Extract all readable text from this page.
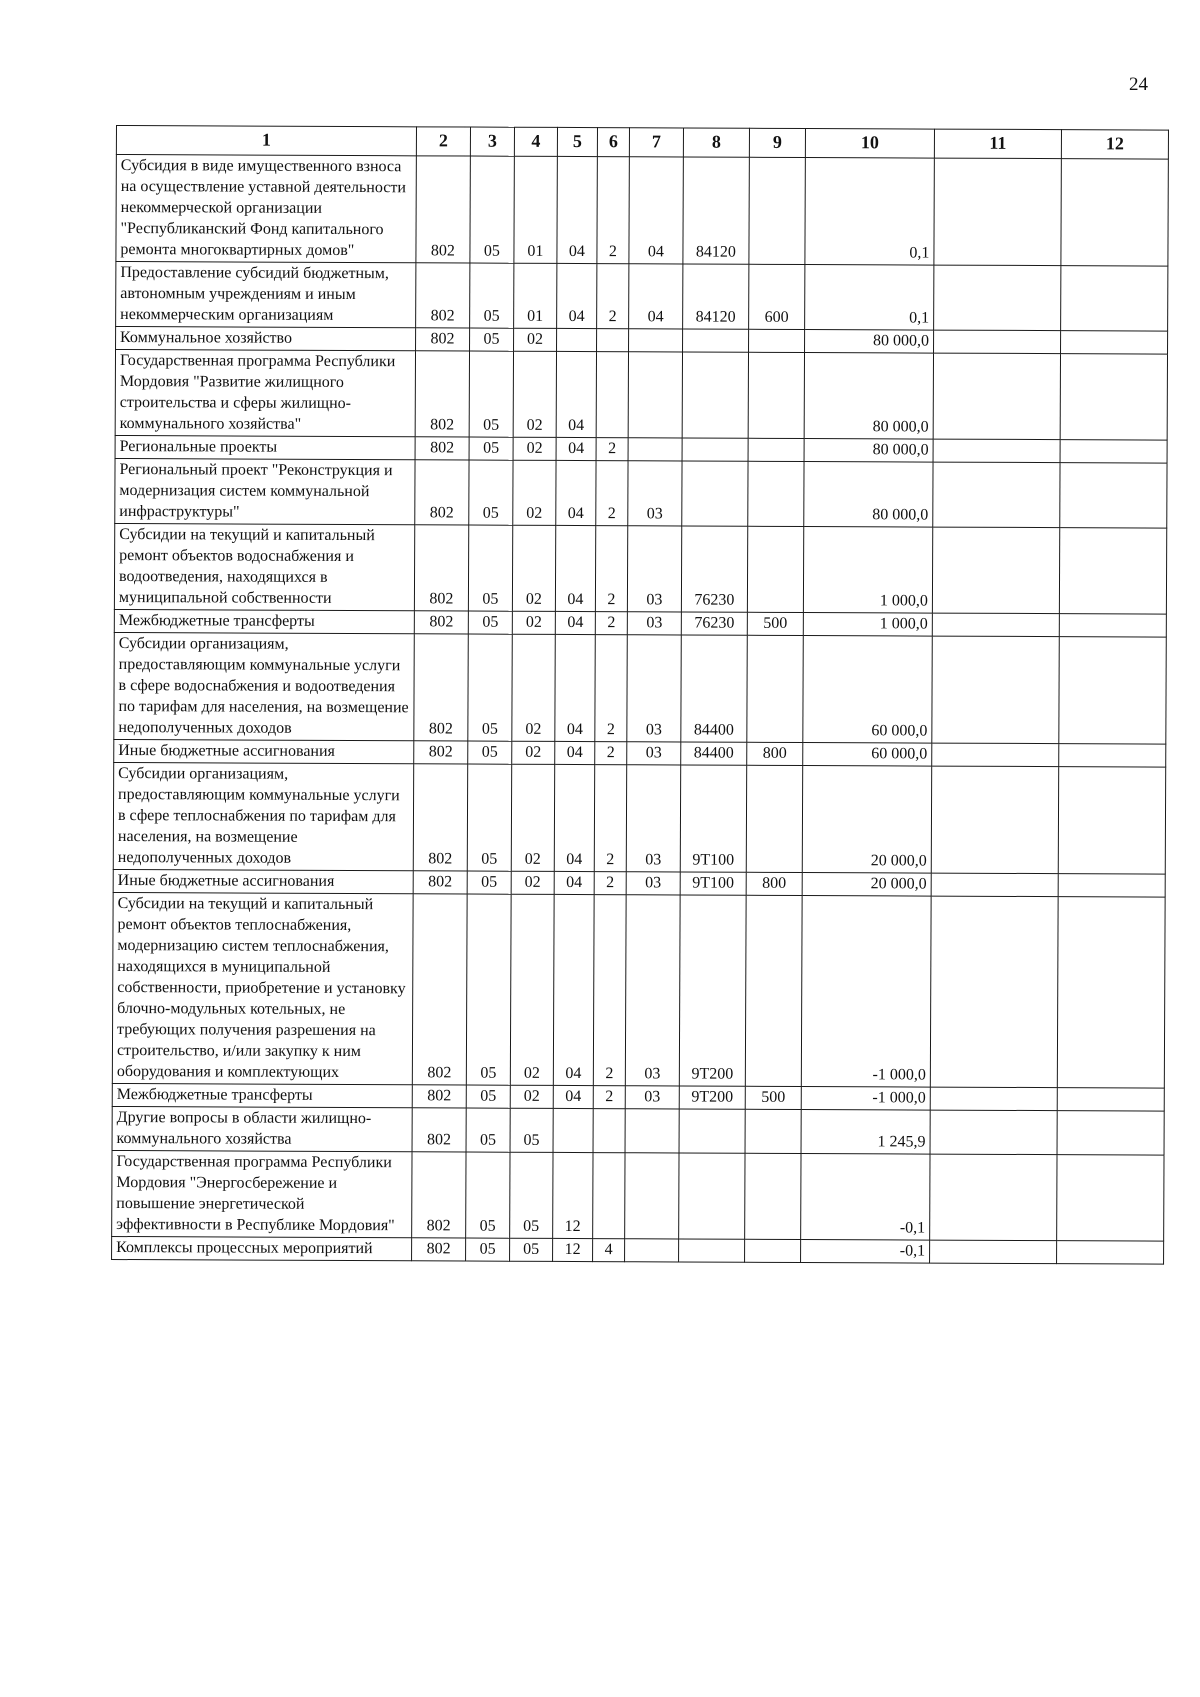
24
1	2	3	4	5	6	7	8	9	10	11	12
Субсидия в виде имущественного взноса на осуществление уставной деятельности некоммерческой организации "Республиканский Фонд капитального ремонта многоквартирных домов"	802	05	01	04	2	04	84120		0,1		
Предоставление субсидий бюджетным, автономным учреждениям и иным некоммерческим организациям	802	05	01	04	2	04	84120	600	0,1		
Коммунальное хозяйство	802	05	02						80 000,0		
Государственная программа Республики Мордовия "Развитие жилищного строительства и сферы жилищно-коммунального хозяйства"	802	05	02	04					80 000,0		
Региональные проекты	802	05	02	04	2				80 000,0		
Региональный проект "Реконструкция и модернизация систем коммунальной инфраструктуры"	802	05	02	04	2	03			80 000,0		
Субсидии на текущий и капитальный ремонт объектов водоснабжения и водоотведения, находящихся в муниципальной собственности	802	05	02	04	2	03	76230		1 000,0		
Межбюджетные трансферты	802	05	02	04	2	03	76230	500	1 000,0		
Субсидии организациям, предоставляющим коммунальные услуги в сфере водоснабжения и водоотведения по тарифам для населения, на возмещение недополученных доходов	802	05	02	04	2	03	84400		60 000,0		
Иные бюджетные ассигнования	802	05	02	04	2	03	84400	800	60 000,0		
Субсидии организациям, предоставляющим коммунальные услуги в сфере теплоснабжения по тарифам для населения, на возмещение недополученных доходов	802	05	02	04	2	03	9Т100		20 000,0		
Иные бюджетные ассигнования	802	05	02	04	2	03	9Т100	800	20 000,0		
Субсидии на текущий и капитальный ремонт объектов теплоснабжения, модернизацию систем теплоснабжения, находящихся в муниципальной собственности, приобретение и установку блочно-модульных котельных, не требующих получения разрешения на строительство, и/или закупку к ним оборудования и комплектующих	802	05	02	04	2	03	9Т200		-1 000,0		
Межбюджетные трансферты	802	05	02	04	2	03	9Т200	500	-1 000,0		
Другие вопросы в области жилищно-коммунального хозяйства	802	05	05						1 245,9		
Государственная программа Республики Мордовия "Энергосбережение и повышение энергетической эффективности в Республике Мордовия"	802	05	05	12					-0,1		
Комплексы процессных мероприятий	802	05	05	12	4				-0,1		
